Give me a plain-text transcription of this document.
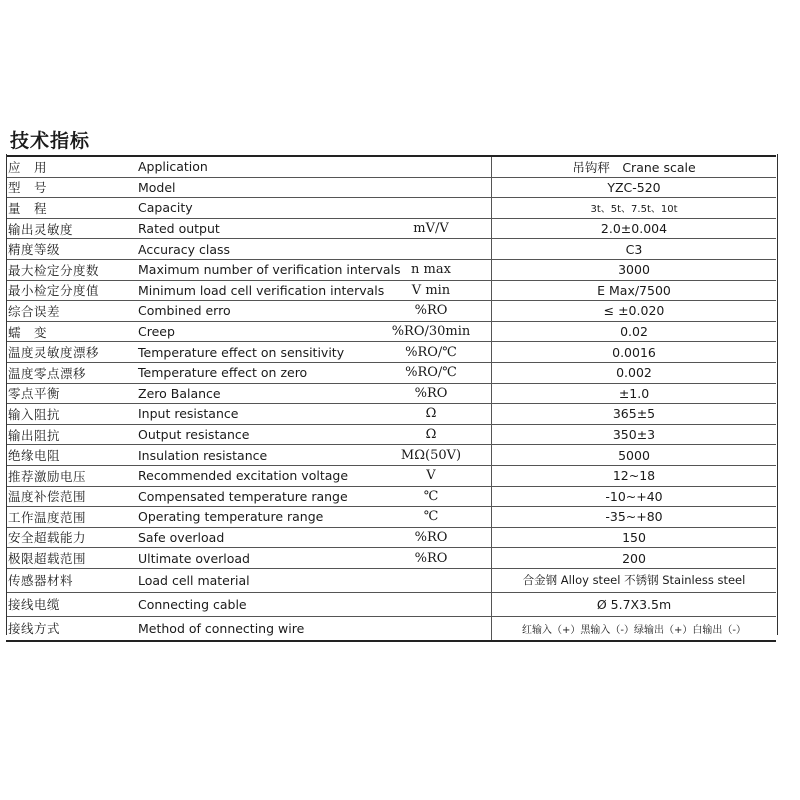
技术指标
应　用	Application		吊钩秤　Crane scale
型　号	Model		YZC-520
量　程	Capacity		3t、5t、7.5t、10t
输出灵敏度	Rated output	mV/V	2.0±0.004
精度等级	Accuracy class		C3
最大检定分度数	Maximum number of verification intervals	n max	3000
最小检定分度值	Minimum load cell verification intervals	V min	E Max/7500
综合误差	Combined erro	%RO	≤ ±0.020
蠕　变	Creep	%RO/30min	0.02
温度灵敏度漂移	Temperature effect on sensitivity	%RO/℃	0.0016
温度零点漂移	Temperature effect on zero	%RO/℃	0.002
零点平衡	Zero Balance	%RO	±1.0
输入阻抗	Input resistance	Ω	365±5
输出阻抗	Output resistance	Ω	350±3
绝缘电阻	Insulation resistance	MΩ(50V)	5000
推荐激励电压	Recommended excitation voltage	V	12~18
温度补偿范围	Compensated temperature range	℃	-10~+40
工作温度范围	Operating temperature range	℃	-35~+80
安全超载能力	Safe overload	%RO	150
极限超载范围	Ultimate overload	%RO	200
传感器材料	Load cell material		合金钢 Alloy steel 不锈钢 Stainless steel
接线电缆	Connecting cable		Ø 5.7X3.5m
接线方式	Method of connecting wire		红输入（+）黑输入（-）绿输出（+）白输出（-）
